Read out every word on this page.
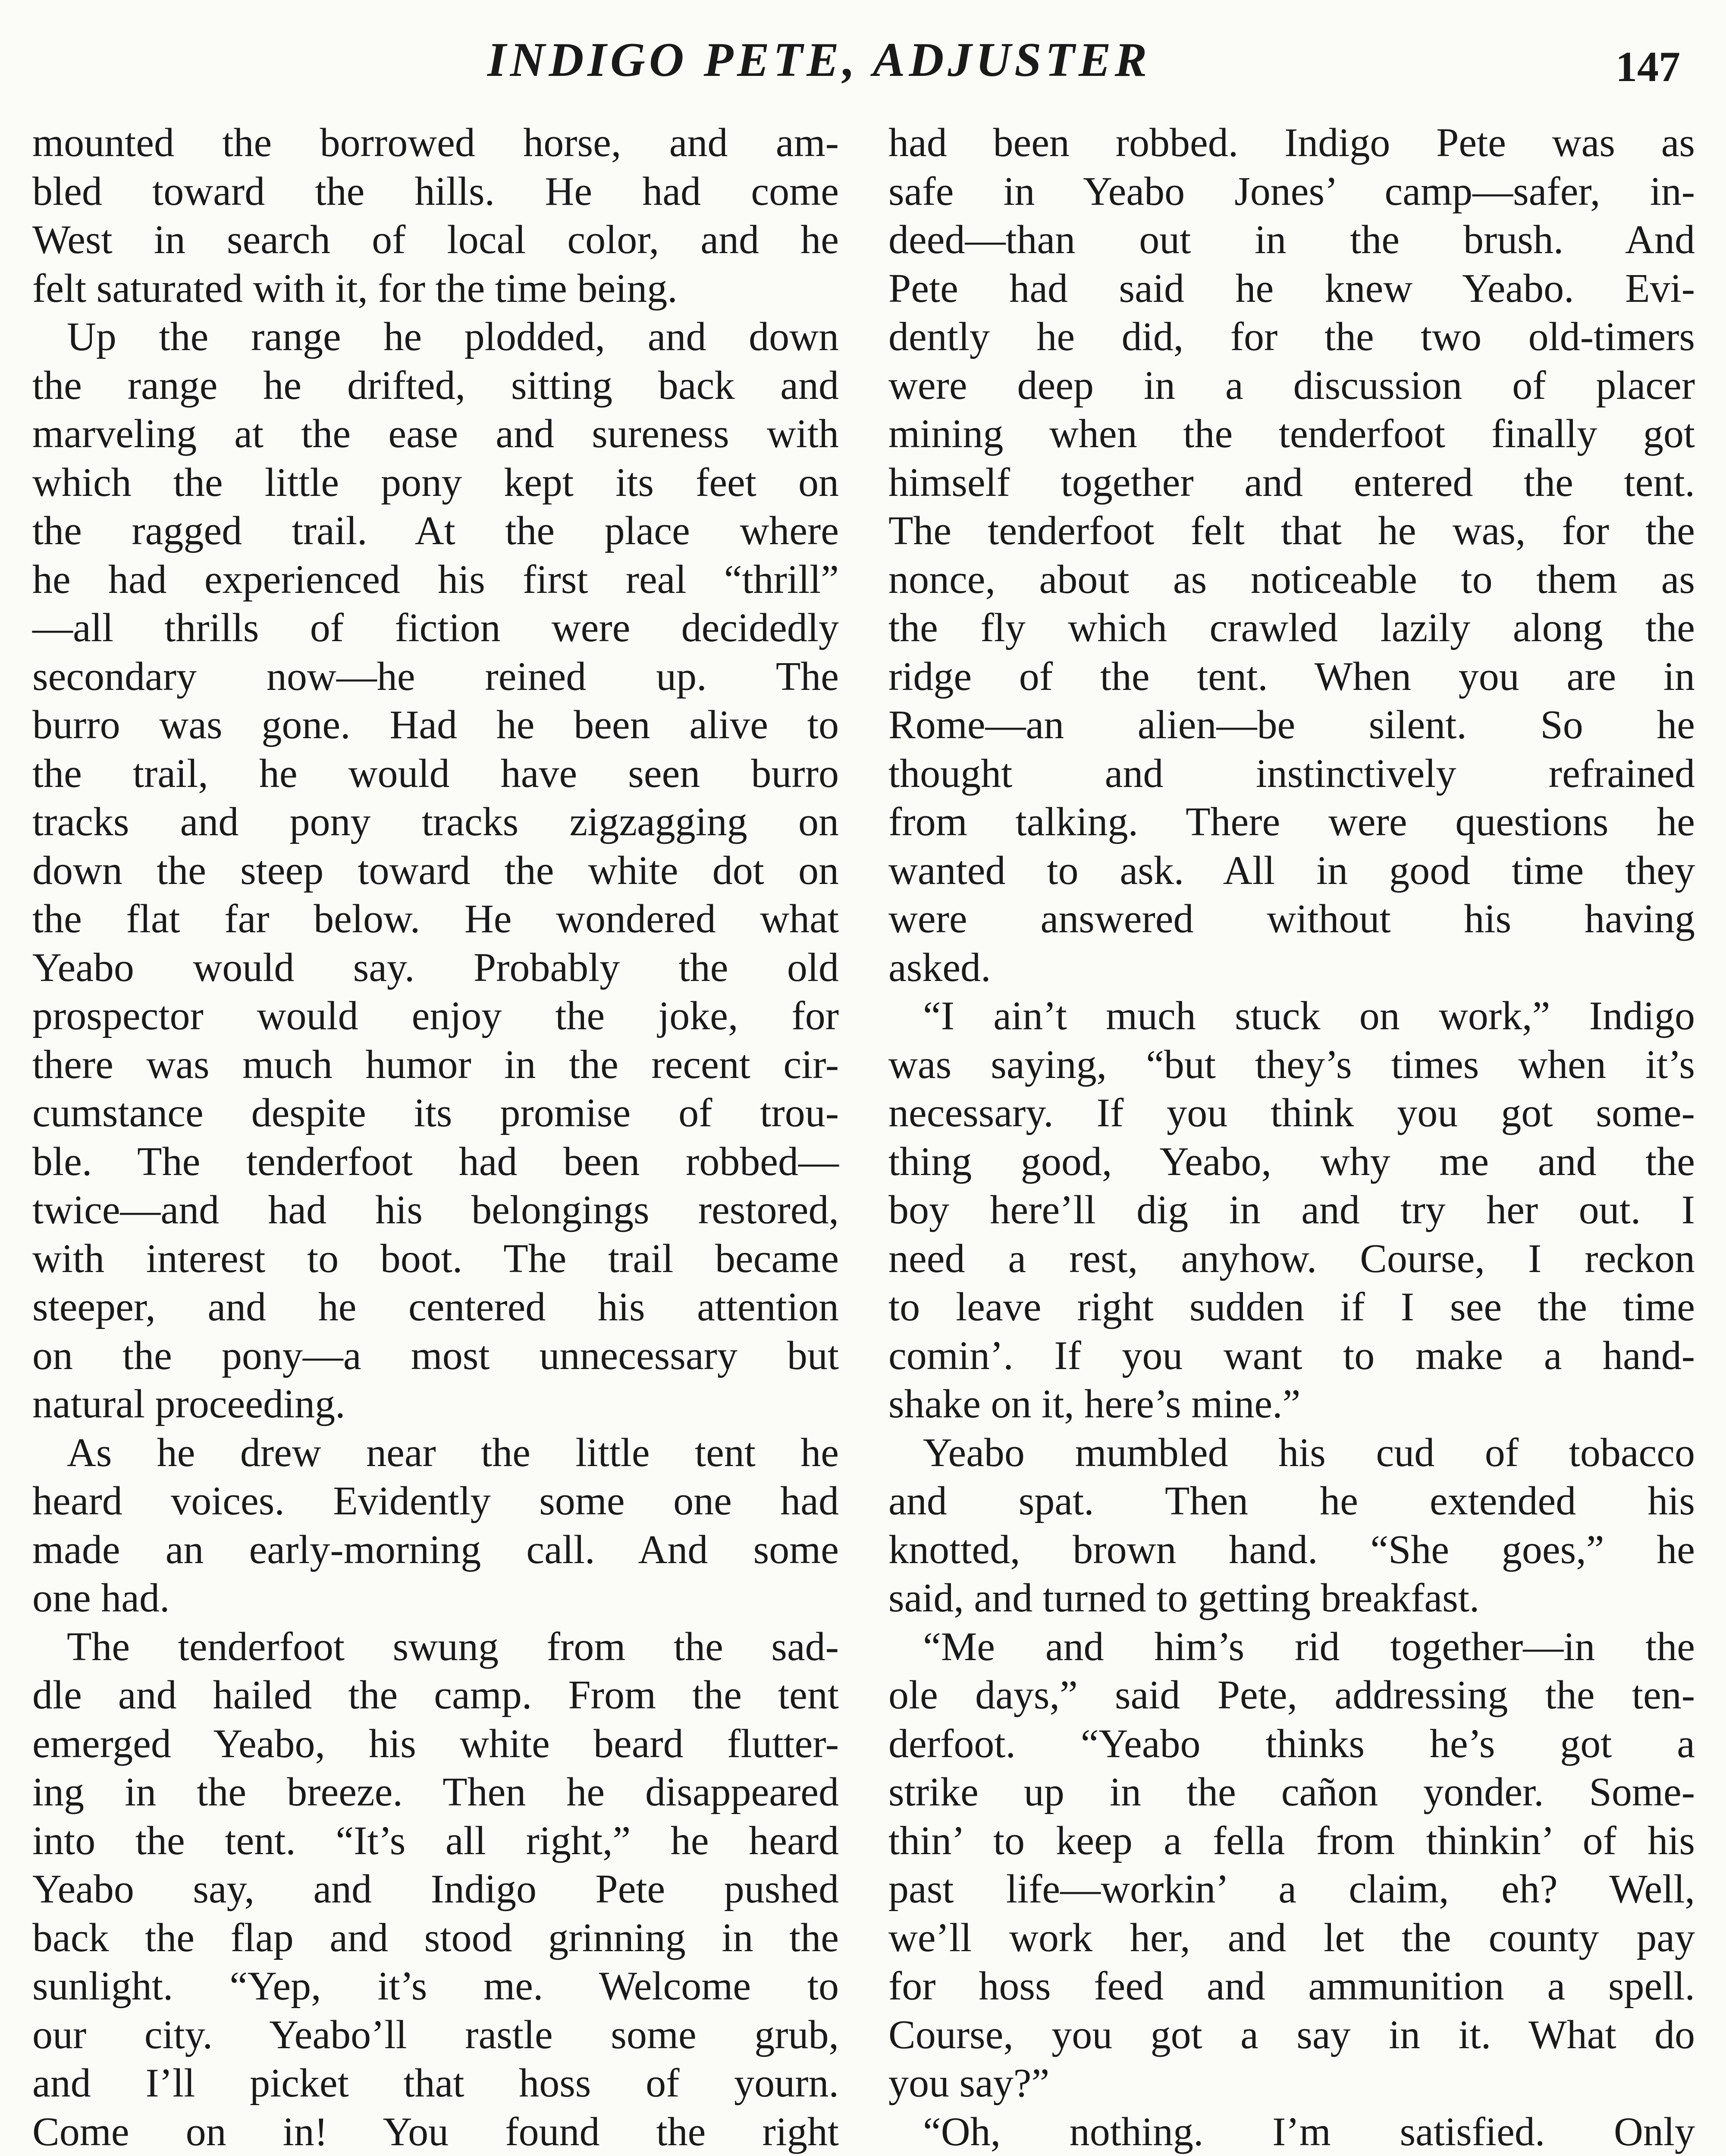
INDIGO PETE, ADJUSTER	147
mounted the borrowed horse, and am-
bled toward the hills. He had come
West in search of local color, and he
felt saturated with it, for the time being.
Up the range he plodded, and down
the range he drifted, sitting back and
marveling at the ease and sureness with
which the little pony kept its feet on
the ragged trail. At the place where
he had experienced his first real “thrill”
—all thrills of fiction were decidedly
secondary now—he reined up. The
burro was gone. Had he been alive to
the trail, he would have seen burro
tracks and pony tracks zigzagging on
down the steep toward the white dot on
the flat far below. He wondered what
Yeabo would say. Probably the old
prospector would enjoy the joke, for
there was much humor in the recent cir-
cumstance despite its promise of trou-
ble. The tenderfoot had been robbed—
twice—and had his belongings restored,
with interest to boot. The trail became
steeper, and he centered his attention
on the pony—a most unnecessary but
natural proceeding.
As he drew near the little tent he
heard voices. Evidently some one had
made an early-morning call. And some
one had.
The tenderfoot swung from the sad-
dle and hailed the camp. From the tent
emerged Yeabo, his white beard flutter-
ing in the breeze. Then he disappeared
into the tent. “It’s all right,” he heard
Yeabo say, and Indigo Pete pushed
back the flap and stood grinning in the
sunlight. “Yep, it’s me. Welcome to
our city. Yeabo’ll rastle some grub,
and I’ll picket that hoss of yourn.
Come on in! You found the right
had been robbed. Indigo Pete was as
safe in Yeabo Jones’ camp—safer, in-
deed—than out in the brush. And
Pete had said he knew Yeabo. Evi-
dently he did, for the two old-timers
were deep in a discussion of placer
mining when the tenderfoot finally got
himself together and entered the tent.
The tenderfoot felt that he was, for the
nonce, about as noticeable to them as
the fly which crawled lazily along the
ridge of the tent. When you are in
Rome—an alien—be silent. So he
thought and instinctively refrained
from talking. There were questions he
wanted to ask. All in good time they
were answered without his having
asked.
“I ain’t much stuck on work,” Indigo
was saying, “but they’s times when it’s
necessary. If you think you got some-
thing good, Yeabo, why me and the
boy here’ll dig in and try her out. I
need a rest, anyhow. Course, I reckon
to leave right sudden if I see the time
comin’. If you want to make a hand-
shake on it, here’s mine.”
Yeabo mumbled his cud of tobacco
and spat. Then he extended his
knotted, brown hand. “She goes,” he
said, and turned to getting breakfast.
“Me and him’s rid together—in the
ole days,” said Pete, addressing the ten-
derfoot. “Yeabo thinks he’s got a
strike up in the cañon yonder. Some-
thin’ to keep a fella from thinkin’ of his
past life—workin’ a claim, eh? Well,
we’ll work her, and let the county pay
for hoss feed and ammunition a spell.
Course, you got a say in it. What do
you say?”
“Oh, nothing. I’m satisfied. Only
